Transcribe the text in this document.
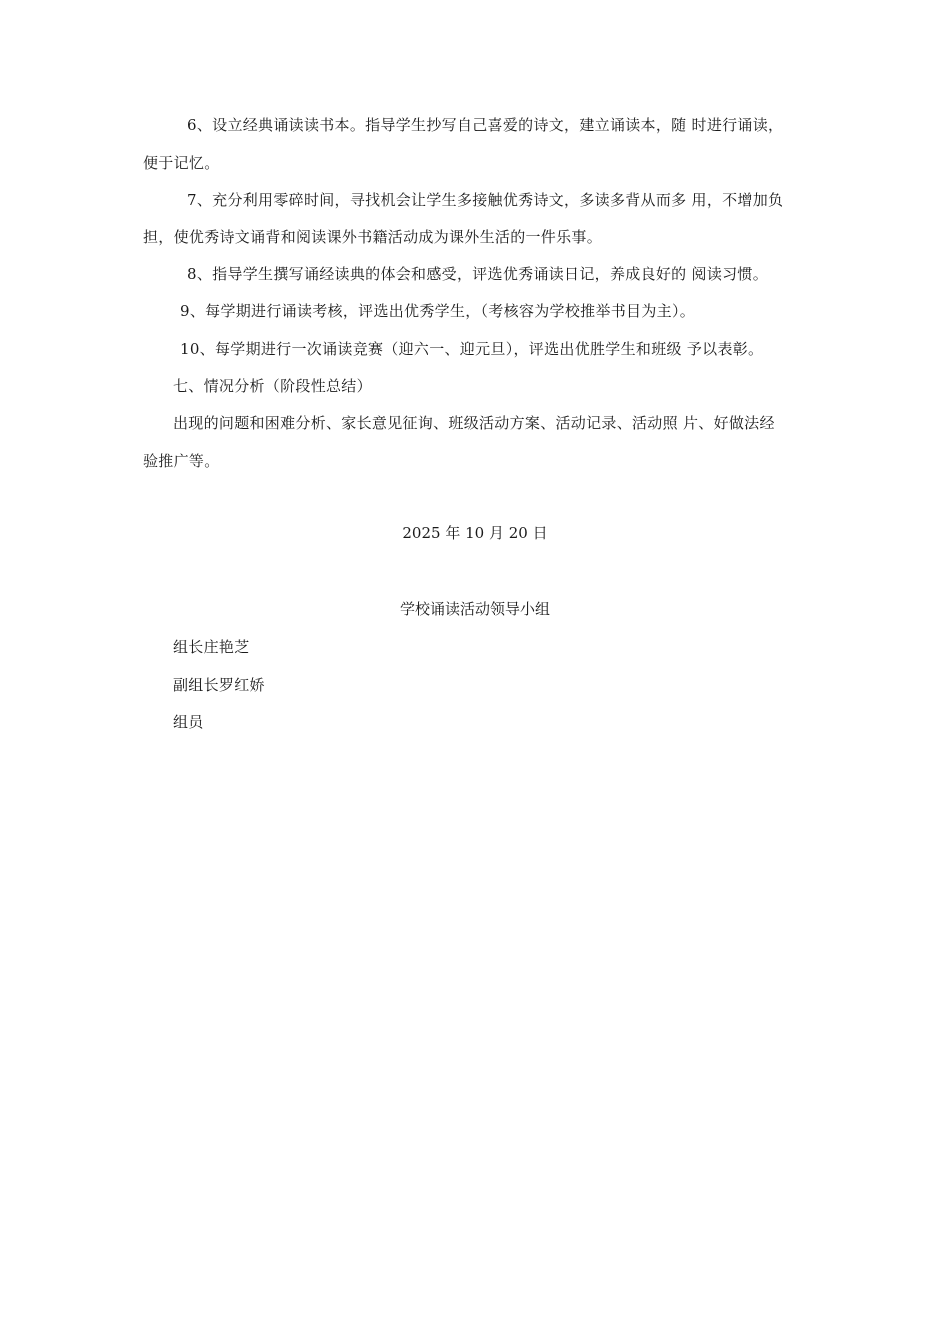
6、设立经典诵读读书本。指导学生抄写自己喜爱的诗文，建立诵读本，随 时进行诵读，
便于记忆。
7、充分利用零碎时间，寻找机会让学生多接触优秀诗文，多读多背从而多 用，不增加负
担，使优秀诗文诵背和阅读课外书籍活动成为课外生活的一件乐事。
8、指导学生撰写诵经读典的体会和感受，评选优秀诵读日记，养成良好的 阅读习惯。
9、每学期进行诵读考核，评选出优秀学生，（考核容为学校推举书目为主）。
10、每学期进行一次诵读竞赛（迎六一、迎元旦），评选出优胜学生和班级 予以表彰。
七、情况分析（阶段性总结）
出现的问题和困难分析、家长意见征询、班级活动方案、活动记录、活动照 片、好做法经
验推广等。
2025 年 10 月 20 日
学校诵读活动领导小组
组长庄艳芝
副组长罗红娇
组员
